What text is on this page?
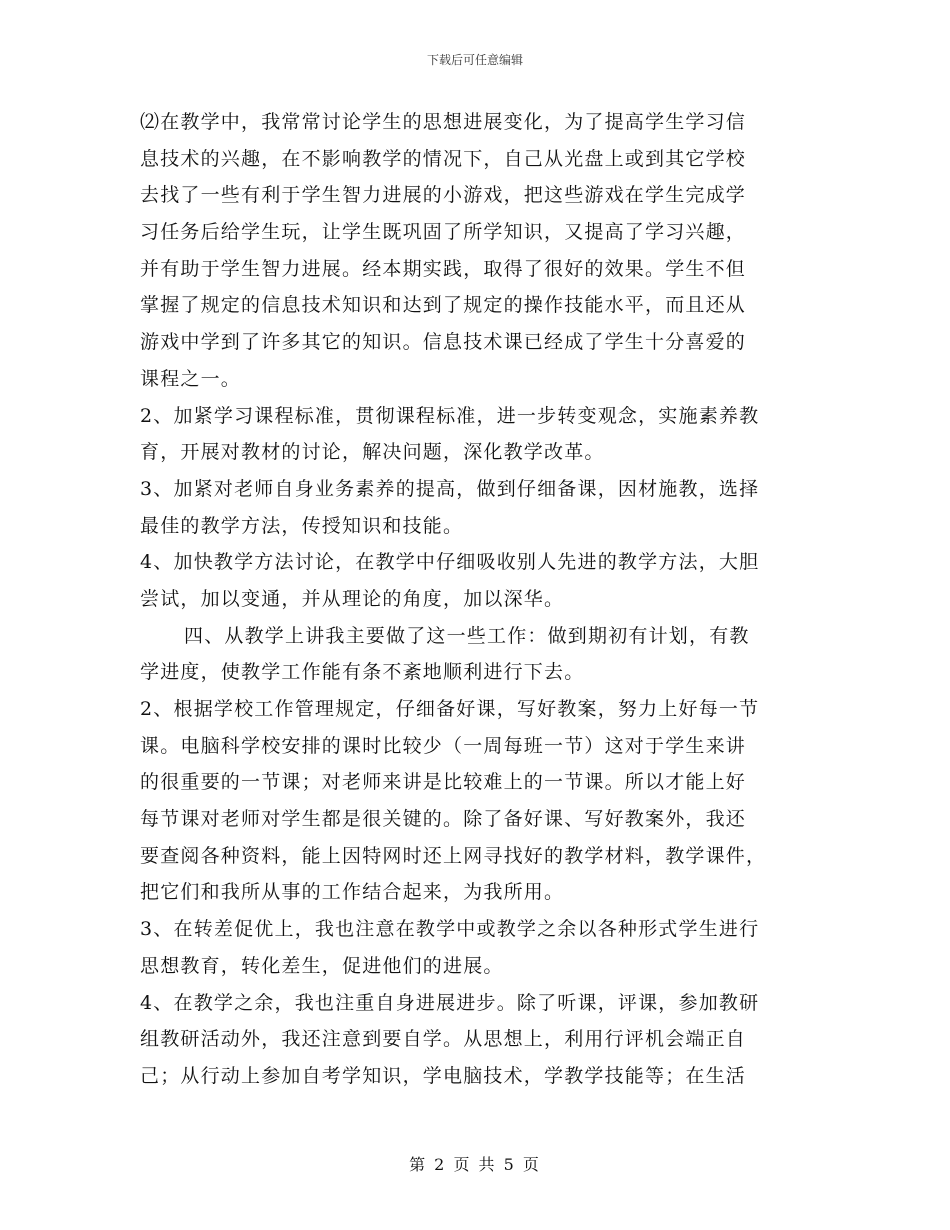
下载后可任意编辑
⑵在教学中，我常常讨论学生的思想进展变化，为了提高学生学习信
息技术的兴趣，在不影响教学的情况下，自己从光盘上或到其它学校
去找了一些有利于学生智力进展的小游戏，把这些游戏在学生完成学
习任务后给学生玩，让学生既巩固了所学知识，又提高了学习兴趣，
并有助于学生智力进展。经本期实践，取得了很好的效果。学生不但
掌握了规定的信息技术知识和达到了规定的操作技能水平，而且还从
游戏中学到了许多其它的知识。信息技术课已经成了学生十分喜爱的
课程之一。
2、加紧学习课程标准，贯彻课程标准，进一步转变观念，实施素养教
育，开展对教材的讨论，解决问题，深化教学改革。
3、加紧对老师自身业务素养的提高，做到仔细备课，因材施教，选择
最佳的教学方法，传授知识和技能。
4、加快教学方法讨论，在教学中仔细吸收别人先进的教学方法，大胆
尝试，加以变通，并从理论的角度，加以深华。
四、从教学上讲我主要做了这一些工作：做到期初有计划，有教
学进度，使教学工作能有条不紊地顺利进行下去。
2、根据学校工作管理规定，仔细备好课，写好教案，努力上好每一节
课。电脑科学校安排的课时比较少（一周每班一节）这对于学生来讲
的很重要的一节课；对老师来讲是比较难上的一节课。所以才能上好
每节课对老师对学生都是很关键的。除了备好课、写好教案外，我还
要查阅各种资料，能上因特网时还上网寻找好的教学材料，教学课件，
把它们和我所从事的工作结合起来，为我所用。
3、在转差促优上，我也注意在教学中或教学之余以各种形式学生进行
思想教育，转化差生，促进他们的进展。
4、在教学之余，我也注重自身进展进步。除了听课，评课，参加教研
组教研活动外，我还注意到要自学。从思想上，利用行评机会端正自
己；从行动上参加自考学知识，学电脑技术，学教学技能等；在生活
第 2 页 共 5 页
